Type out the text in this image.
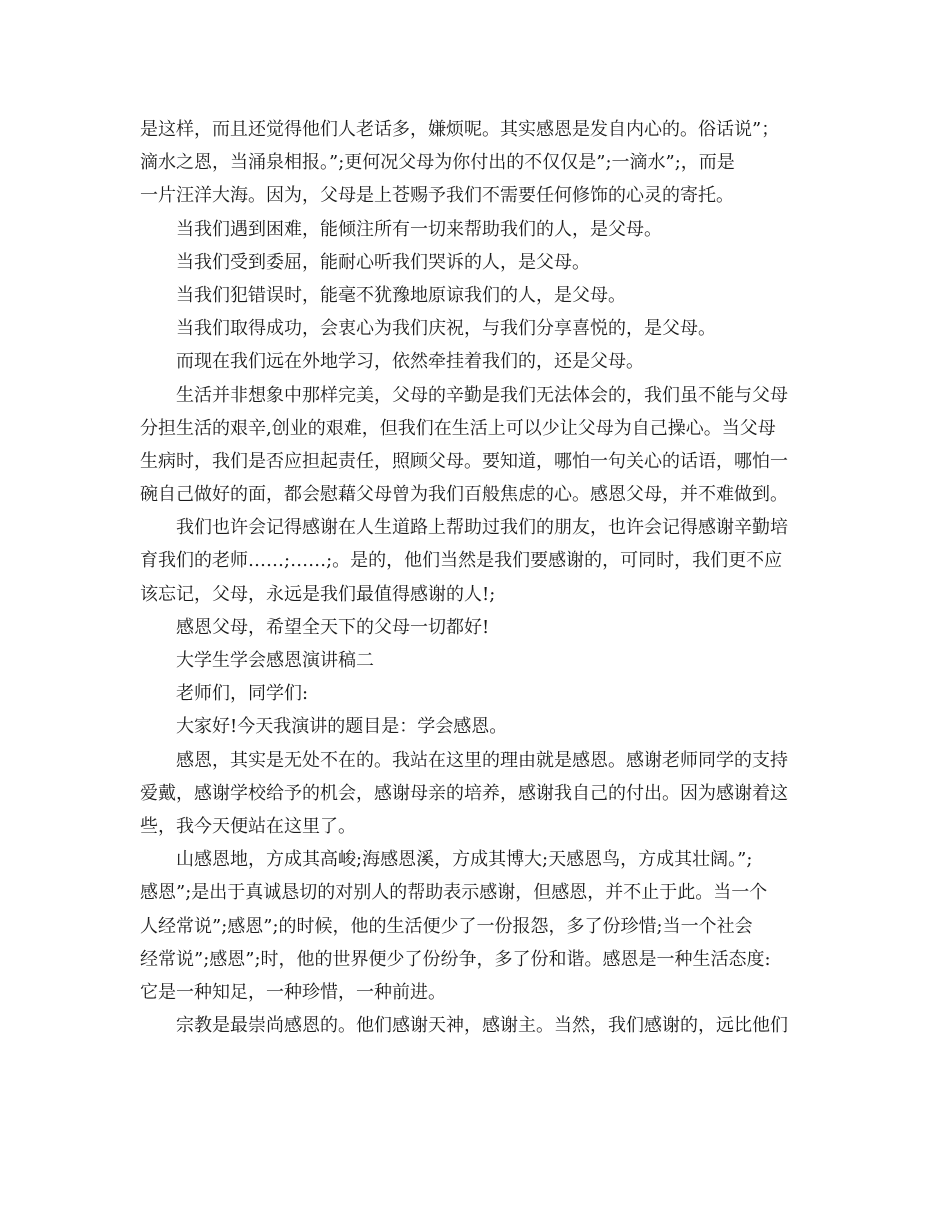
是这样，而且还觉得他们人老话多，嫌烦呢。其实感恩是发自内心的。俗话说”；
滴水之恩，当涌泉相报。”;更何况父母为你付出的不仅仅是”;一滴水”;，而是
一片汪洋大海。因为，父母是上苍赐予我们不需要任何修饰的心灵的寄托。
当我们遇到困难，能倾注所有一切来帮助我们的人，是父母。
当我们受到委屈，能耐心听我们哭诉的人，是父母。
当我们犯错误时，能毫不犹豫地原谅我们的人，是父母。
当我们取得成功，会衷心为我们庆祝，与我们分享喜悦的，是父母。
而现在我们远在外地学习，依然牵挂着我们的，还是父母。
生活并非想象中那样完美，父母的辛勤是我们无法体会的，我们虽不能与父母
分担生活的艰辛,创业的艰难，但我们在生活上可以少让父母为自己操心。当父母
生病时，我们是否应担起责任，照顾父母。要知道，哪怕一句关心的话语，哪怕一
碗自己做好的面，都会慰藉父母曾为我们百般焦虑的心。感恩父母，并不难做到。
我们也许会记得感谢在人生道路上帮助过我们的朋友，也许会记得感谢辛勤培
育我们的老师……;……;。是的，他们当然是我们要感谢的，可同时，我们更不应
该忘记，父母，永远是我们最值得感谢的人!;
感恩父母，希望全天下的父母一切都好!
大学生学会感恩演讲稿二
老师们，同学们:
大家好!今天我演讲的题目是：学会感恩。
感恩，其实是无处不在的。我站在这里的理由就是感恩。感谢老师同学的支持
爱戴，感谢学校给予的机会，感谢母亲的培养，感谢我自己的付出。因为感谢着这
些，我今天便站在这里了。
山感恩地，方成其高峻;海感恩溪，方成其博大;天感恩鸟，方成其壮阔。”;
感恩”;是出于真诚恳切的对别人的帮助表示感谢，但感恩，并不止于此。当一个
人经常说”;感恩”;的时候，他的生活便少了一份报怨，多了份珍惜;当一个社会
经常说”;感恩”;时，他的世界便少了份纷争，多了份和谐。感恩是一种生活态度:
它是一种知足，一种珍惜，一种前进。
宗教是最崇尚感恩的。他们感谢天神，感谢主。当然，我们感谢的，远比他们
